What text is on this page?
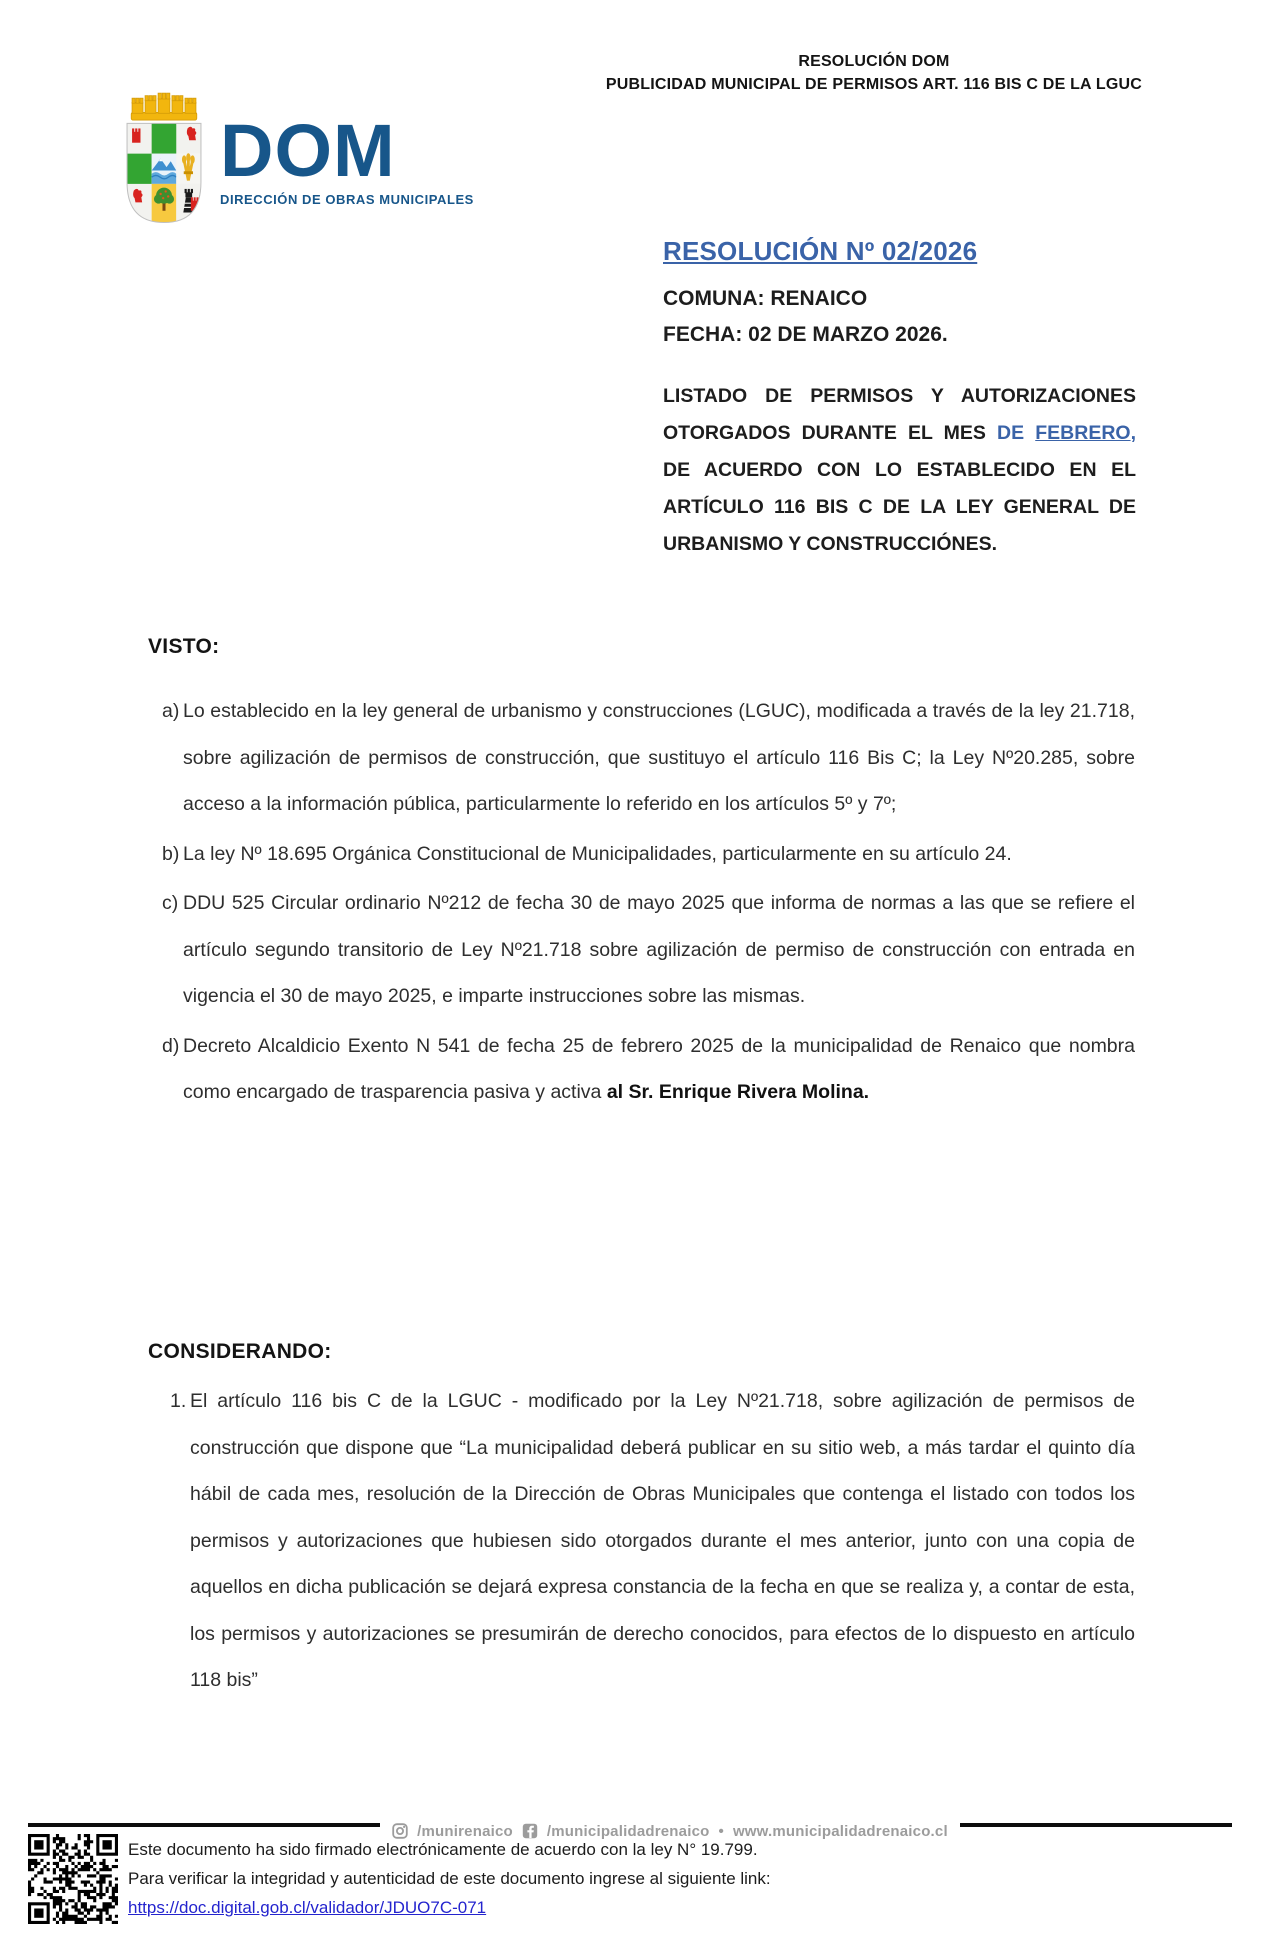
RESOLUCIÓN DOM
PUBLICIDAD MUNICIPAL DE PERMISOS ART. 116 BIS C DE LA LGUC
DOM
DIRECCIÓN DE OBRAS MUNICIPALES
RESOLUCIÓN Nº 02/2026
COMUNA: RENAICO
FECHA: 02 DE MARZO 2026.

LISTADO DE PERMISOS Y AUTORIZACIONES OTORGADOS DURANTE EL MES DE FEBRERO, DE ACUERDO CON LO ESTABLECIDO EN EL ARTÍCULO 116 BIS C DE LA LEY GENERAL DE URBANISMO Y CONSTRUCCIÓNES.

VISTO:
a) Lo establecido en la ley general de urbanismo y construcciones (LGUC), modificada a través de la ley 21.718, sobre agilización de permisos de construcción, que sustituyo el artículo 116 Bis C; la Ley Nº20.285, sobre acceso a la información pública, particularmente lo referido en los artículos 5º y 7º;
b) La ley Nº 18.695 Orgánica Constitucional de Municipalidades, particularmente en su artículo 24.
c) DDU 525 Circular ordinario Nº212 de fecha 30 de mayo 2025 que informa de normas a las que se refiere el artículo segundo transitorio de Ley Nº21.718 sobre agilización de permiso de construcción con entrada en vigencia el 30 de mayo 2025, e imparte instrucciones sobre las mismas.
d) Decreto Alcaldicio Exento N 541 de fecha 25 de febrero 2025 de la municipalidad de Renaico que nombra como encargado de trasparencia pasiva y activa al Sr. Enrique Rivera Molina.
CONSIDERANDO:
1. El artículo 116 bis C de la LGUC - modificado por la Ley Nº21.718, sobre agilización de permisos de construcción que dispone que “La municipalidad deberá publicar en su sitio web, a más tardar el quinto día hábil de cada mes, resolución de la Dirección de Obras Municipales que contenga el listado con todos los permisos y autorizaciones que hubiesen sido otorgados durante el mes anterior, junto con una copia de aquellos en dicha publicación se dejará expresa constancia de la fecha en que se realiza y, a contar de esta, los permisos y autorizaciones se presumirán de derecho conocidos, para efectos de lo dispuesto en artículo 118 bis”
/munirenaico /municipalidadrenaico • www.municipalidadrenaico.cl
Este documento ha sido firmado electrónicamente de acuerdo con la ley N° 19.799.
Para verificar la integridad y autenticidad de este documento ingrese al siguiente link:
https://doc.digital.gob.cl/validador/JDUO7C-071
